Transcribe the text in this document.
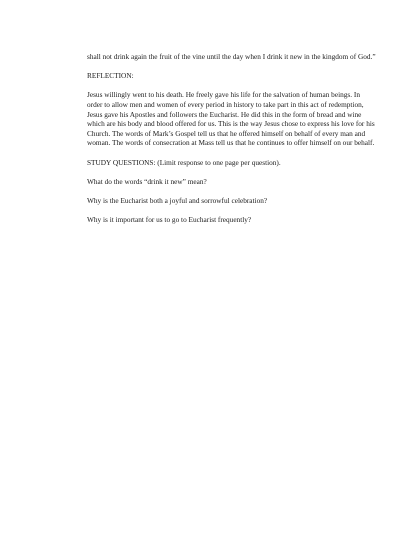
shall not drink again the fruit of the vine until the day when I drink it new in the kingdom of God.”

REFLECTION:

Jesus willingly went to his death. He freely gave his life for the salvation of human beings. In order to allow men and women of every period in history to take part in this act of redemption, Jesus gave his Apostles and followers the Eucharist. He did this in the form of bread and wine which are his body and blood offered for us. This is the way Jesus chose to express his love for his Church. The words of Mark’s Gospel tell us that he offered himself on behalf of every man and woman. The words of consecration at Mass tell us that he continues to offer himself on our behalf.

STUDY QUESTIONS: (Limit response to one page per question).

What do the words “drink it new” mean?

Why is the Eucharist both a joyful and sorrowful celebration?

Why is it important for us to go to Eucharist frequently?
